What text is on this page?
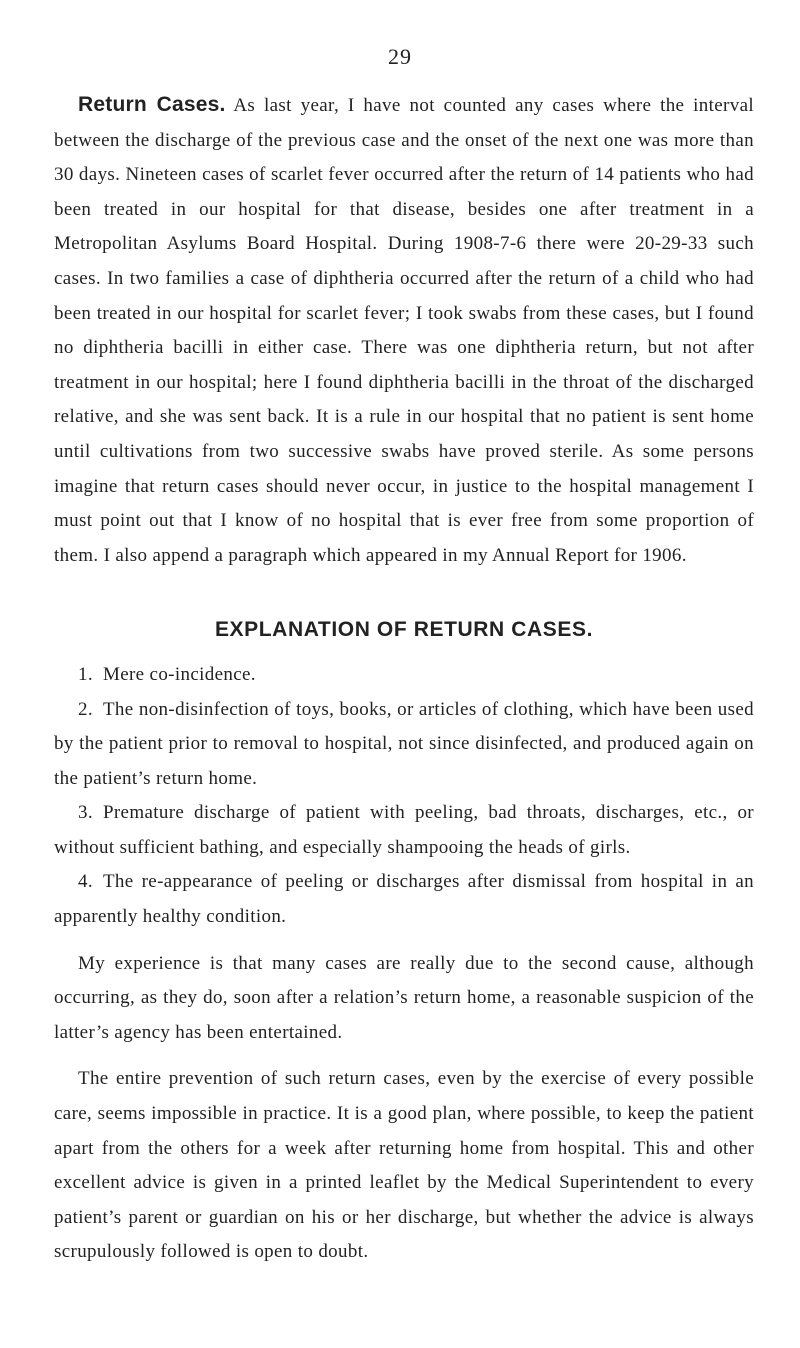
29

Return Cases. As last year, I have not counted any cases where the interval between the discharge of the previous case and the onset of the next one was more than 30 days. Nineteen cases of scarlet fever occurred after the return of 14 patients who had been treated in our hospital for that disease, besides one after treatment in a Metropolitan Asylums Board Hospital. During 1908-7-6 there were 20-29-33 such cases. In two families a case of diphtheria occurred after the return of a child who had been treated in our hospital for scarlet fever; I took swabs from these cases, but I found no diphtheria bacilli in either case. There was one diphtheria return, but not after treatment in our hospital; here I found diphtheria bacilli in the throat of the discharged relative, and she was sent back. It is a rule in our hospital that no patient is sent home until cultivations from two successive swabs have proved sterile. As some persons imagine that return cases should never occur, in justice to the hospital management I must point out that I know of no hospital that is ever free from some proportion of them. I also append a paragraph which appeared in my Annual Report for 1906.

EXPLANATION OF RETURN CASES.

1. Mere co-incidence.

2. The non-disinfection of toys, books, or articles of clothing, which have been used by the patient prior to removal to hospital, not since disinfected, and produced again on the patient’s return home.

3. Premature discharge of patient with peeling, bad throats, discharges, etc., or without sufficient bathing, and especially shampooing the heads of girls.

4. The re-appearance of peeling or discharges after dismissal from hospital in an apparently healthy condition.

My experience is that many cases are really due to the second cause, although occurring, as they do, soon after a relation’s return home, a reasonable suspicion of the latter’s agency has been entertained.

The entire prevention of such return cases, even by the exercise of every possible care, seems impossible in practice. It is a good plan, where possible, to keep the patient apart from the others for a week after returning home from hospital. This and other excellent advice is given in a printed leaflet by the Medical Superintendent to every patient’s parent or guardian on his or her discharge, but whether the advice is always scrupulously followed is open to doubt.
